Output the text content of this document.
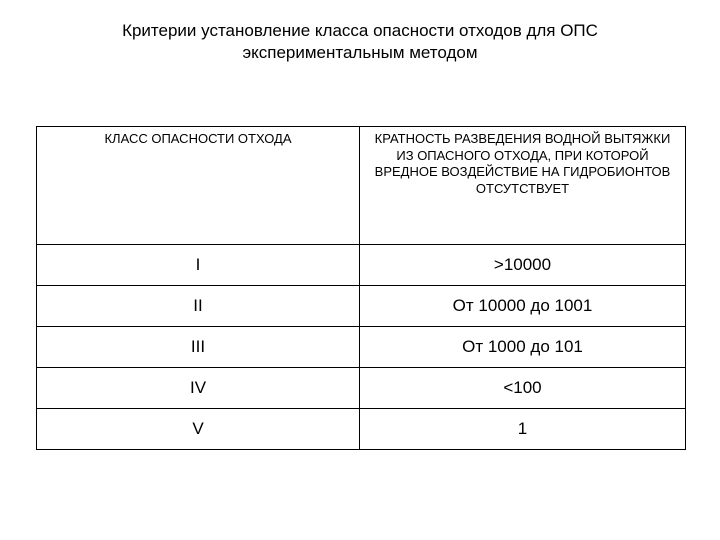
Критерии установление класса опасности отходов для ОПС
экспериментальным методом
КЛАСС ОПАСНОСТИ ОТХОДА	КРАТНОСТЬ РАЗВЕДЕНИЯ ВОДНОЙ ВЫТЯЖКИ ИЗ ОПАСНОГО ОТХОДА, ПРИ КОТОРОЙ ВРЕДНОЕ ВОЗДЕЙСТВИЕ НА ГИДРОБИОНТОВ ОТСУТСТВУЕТ

I	>10000
II	От 10000 до 1001
III	От 1000 до 101
IV	<100
V	1
